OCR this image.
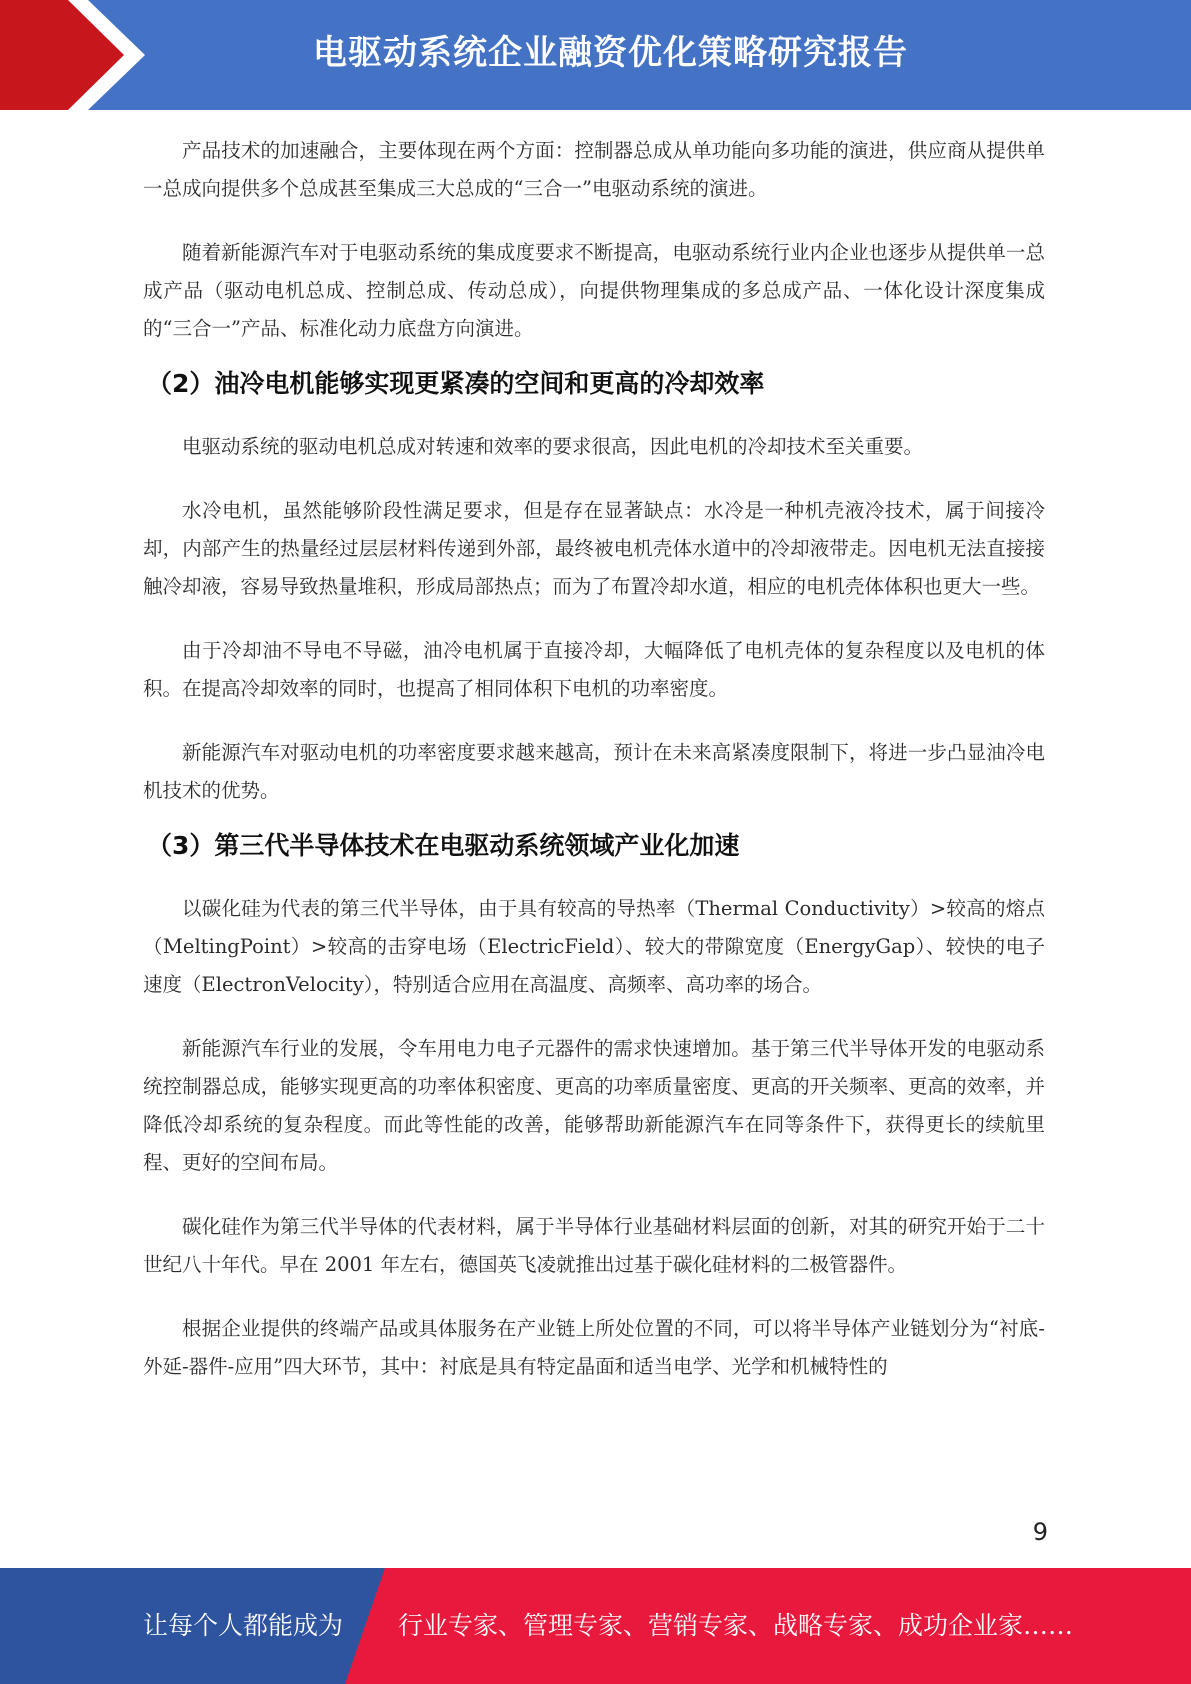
电驱动系统企业融资优化策略研究报告

产品技术的加速融合，主要体现在两个方面：控制器总成从单功能向多功能的演进，供应商从提供单一总成向提供多个总成甚至集成三大总成的“三合一”电驱动系统的演进。

随着新能源汽车对于电驱动系统的集成度要求不断提高，电驱动系统行业内企业也逐步从提供单一总成产品（驱动电机总成、控制总成、传动总成），向提供物理集成的多总成产品、一体化设计深度集成的“三合一”产品、标准化动力底盘方向演进。

（2）油冷电机能够实现更紧凑的空间和更高的冷却效率

电驱动系统的驱动电机总成对转速和效率的要求很高，因此电机的冷却技术至关重要。

水冷电机，虽然能够阶段性满足要求，但是存在显著缺点：水冷是一种机壳液冷技术，属于间接冷却，内部产生的热量经过层层材料传递到外部，最终被电机壳体水道中的冷却液带走。因电机无法直接接触冷却液，容易导致热量堆积，形成局部热点；而为了布置冷却水道，相应的电机壳体体积也更大一些。

由于冷却油不导电不导磁，油冷电机属于直接冷却，大幅降低了电机壳体的复杂程度以及电机的体积。在提高冷却效率的同时，也提高了相同体积下电机的功率密度。

新能源汽车对驱动电机的功率密度要求越来越高，预计在未来高紧凑度限制下，将进一步凸显油冷电机技术的优势。

（3）第三代半导体技术在电驱动系统领域产业化加速

以碳化硅为代表的第三代半导体，由于具有较高的导热率（Thermal Conductivity）>较高的熔点（MeltingPoint）>较高的击穿电场（ElectricField）、较大的带隙宽度（EnergyGap）、较快的电子速度（ElectronVelocity），特别适合应用在高温度、高频率、高功率的场合。

新能源汽车行业的发展，令车用电力电子元器件的需求快速增加。基于第三代半导体开发的电驱动系统控制器总成，能够实现更高的功率体积密度、更高的功率质量密度、更高的开关频率、更高的效率，并降低冷却系统的复杂程度。而此等性能的改善，能够帮助新能源汽车在同等条件下，获得更长的续航里程、更好的空间布局。

碳化硅作为第三代半导体的代表材料，属于半导体行业基础材料层面的创新，对其的研究开始于二十世纪八十年代。早在 2001 年左右，德国英飞凌就推出过基于碳化硅材料的二极管器件。

根据企业提供的终端产品或具体服务在产业链上所处位置的不同，可以将半导体产业链划分为“衬底-外延-器件-应用”四大环节，其中：衬底是具有特定晶面和适当电学、光学和机械特性的

9
让每个人都能成为 行业专家、管理专家、营销专家、战略专家、成功企业家……
